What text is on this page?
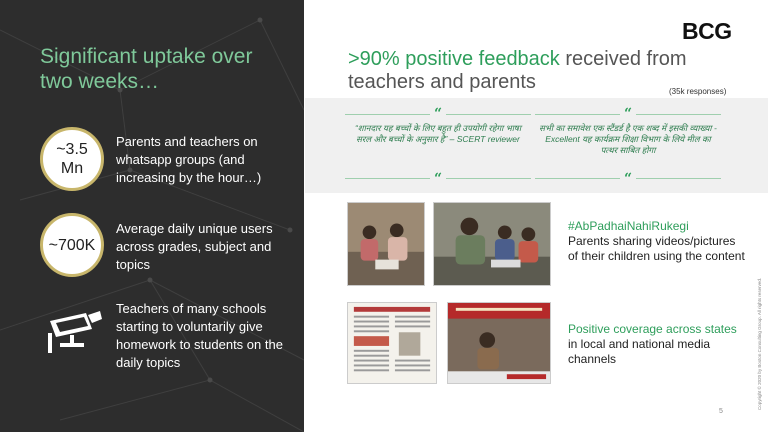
Significant uptake over two weeks…
~3.5 Mn
Parents and teachers on whatsapp groups (and increasing by the hour…)
~700K
Average daily unique users across grades, subject and topics
Teachers of many schools starting to voluntarily give homework to students on the daily topics
BCG
>90% positive feedback received from teachers and parents	(35k responses)
“
“शानदार यह बच्चों के लिए बहुत ही उपयोगी रहेगा भाषा सरल और बच्चों के अनुसार है” – SCERT reviewer
“
“
सभी का समावेश एक स्टैंडर्ड है एक शब्द में इसकी व्याख्या - Excellent यह कार्यक्रम शिक्षा विभाग के लिये मील का पत्थर साबित होगा
“
#AbPadhaiNahiRukegi
Parents sharing videos/pictures of their children using the content
Positive coverage across states in local and national media channels
5
Copyright © 2020 by Boston Consulting Group. All rights reserved.
